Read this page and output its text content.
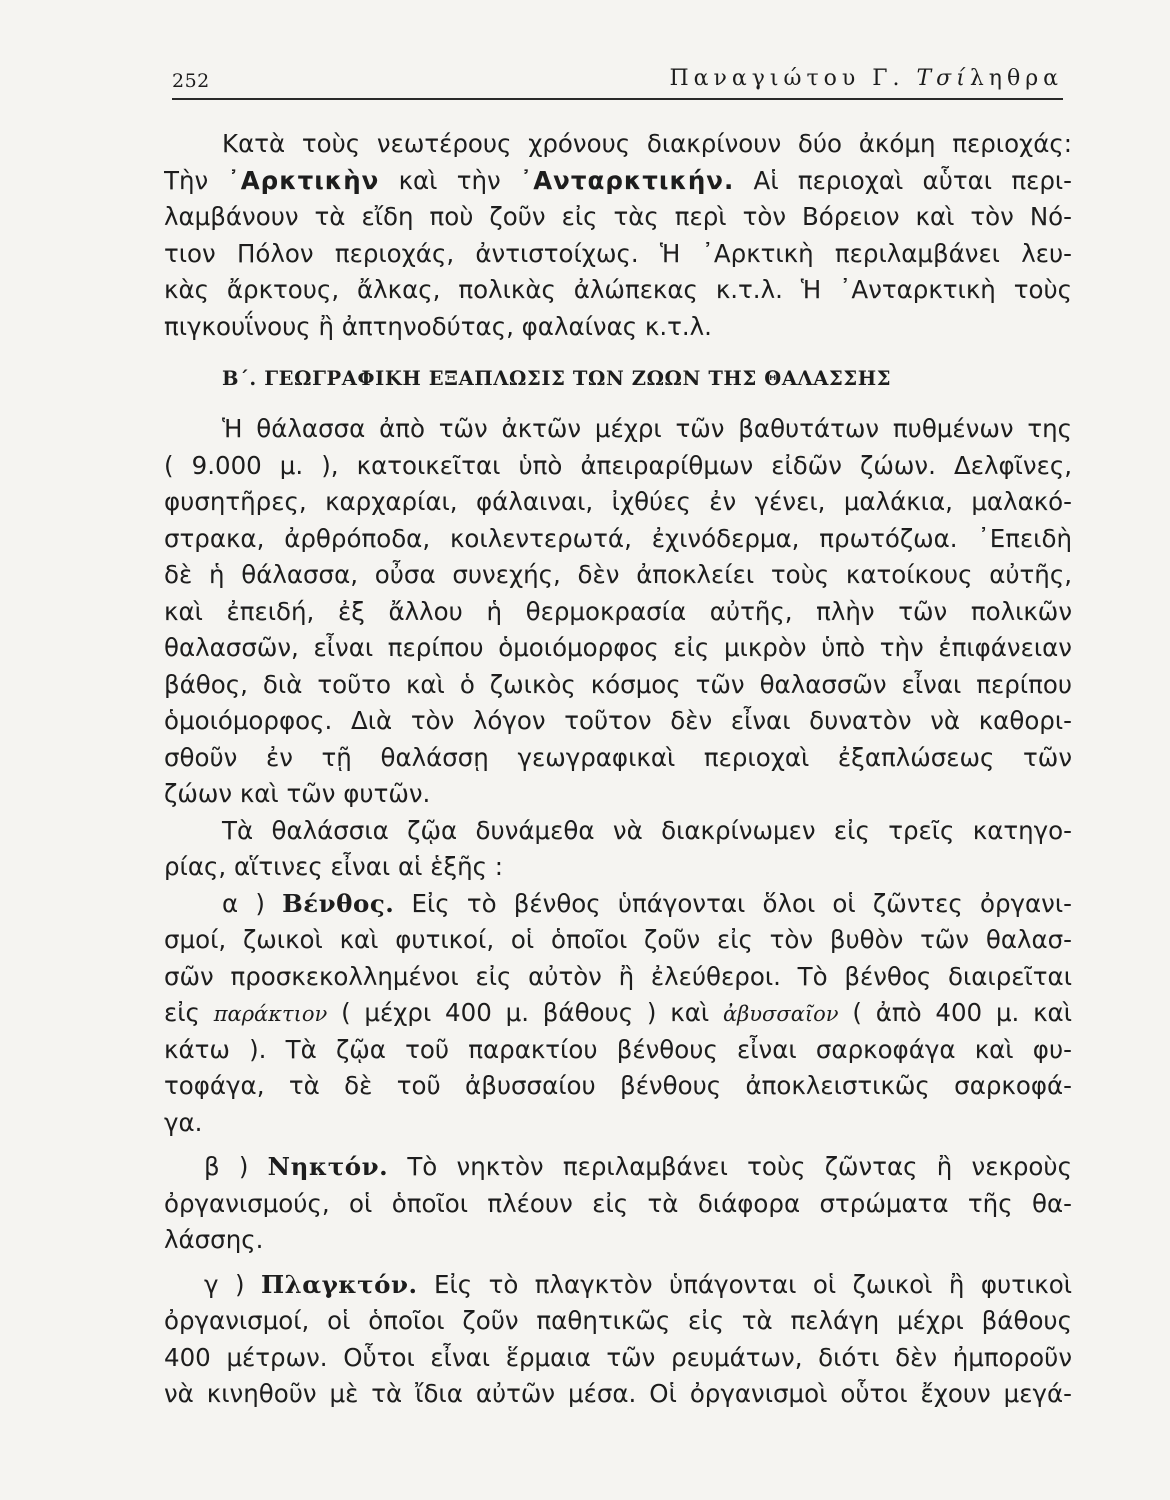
252	Παναγιώτου Γ. Τσίληθρα
Κατὰ τοὺς νεωτέρους χρόνους διακρίνουν δύο ἀκόμη περιοχάς:
Τὴν ᾿Αρκτικὴν καὶ τὴν ᾿Ανταρκτικήν. Αἱ περιοχαὶ αὗται περι-
λαμβάνουν τὰ εἴδη ποὺ ζοῦν εἰς τὰς περὶ τὸν Βόρειον καὶ τὸν Νό-
τιον Πόλον περιοχάς, ἀντιστοίχως. Ἡ ᾿Αρκτικὴ περιλαμβάνει λευ-
κὰς ἄρκτους, ἄλκας, πολικὰς ἀλώπεκας κ.τ.λ. Ἡ ᾿Ανταρκτικὴ τοὺς
πιγκουΐνους ἢ ἀπτηνοδύτας, φαλαίνας κ.τ.λ.
Β΄. ΓΕΩΓΡΑΦΙΚΗ ΕΞΑΠΛΩΣΙΣ ΤΩΝ ΖΩΩΝ ΤΗΣ ΘΑΛΑΣΣΗΣ
Ἡ θάλασσα ἀπὸ τῶν ἀκτῶν μέχρι τῶν βαθυτάτων πυθμένων της
( 9.000 μ. ), κατοικεῖται ὑπὸ ἀπειραρίθμων εἰδῶν ζώων. Δελφῖνες,
φυσητῆρες, καρχαρίαι, φάλαιναι, ἰχθύες ἐν γένει, μαλάκια, μαλακό-
στρακα, ἀρθρόποδα, κοιλεντερωτά, ἐχινόδερμα, πρωτόζωα. ᾿Επειδὴ
δὲ ἡ θάλασσα, οὖσα συνεχής, δὲν ἀποκλείει τοὺς κατοίκους αὐτῆς,
καὶ ἐπειδή, ἐξ ἄλλου ἡ θερμοκρασία αὐτῆς, πλὴν τῶν πολικῶν
θαλασσῶν, εἶναι περίπου ὁμοιόμορφος εἰς μικρὸν ὑπὸ τὴν ἐπιφάνειαν
βάθος, διὰ τοῦτο καὶ ὁ ζωικὸς κόσμος τῶν θαλασσῶν εἶναι περίπου
ὁμοιόμορφος. Διὰ τὸν λόγον τοῦτον δὲν εἶναι δυνατὸν νὰ καθορι-
σθοῦν ἐν τῇ θαλάσσῃ γεωγραφικαὶ περιοχαὶ ἐξαπλώσεως τῶν
ζώων καὶ τῶν φυτῶν.
Τὰ θαλάσσια ζῷα δυνάμεθα νὰ διακρίνωμεν εἰς τρεῖς κατηγο-
ρίας, αἵτινες εἶναι αἱ ἑξῆς :
α ) Βένθος. Εἰς τὸ βένθος ὑπάγονται ὅλοι οἱ ζῶντες ὀργανι-
σμοί, ζωικοὶ καὶ φυτικοί, οἱ ὁποῖοι ζοῦν εἰς τὸν βυθὸν τῶν θαλασ-
σῶν προσκεκολλημένοι εἰς αὐτὸν ἢ ἐλεύθεροι. Τὸ βένθος διαιρεῖται
εἰς παράκτιον ( μέχρι 400 μ. βάθους ) καὶ ἀβυσσαῖον ( ἀπὸ 400 μ. καὶ
κάτω ). Τὰ ζῷα τοῦ παρακτίου βένθους εἶναι σαρκοφάγα καὶ φυ-
τοφάγα, τὰ δὲ τοῦ ἀβυσσαίου βένθους ἀποκλειστικῶς σαρκοφά-
γα.
β ) Νηκτόν. Τὸ νηκτὸν περιλαμβάνει τοὺς ζῶντας ἢ νεκροὺς
ὀργανισμούς, οἱ ὁποῖοι πλέουν εἰς τὰ διάφορα στρώματα τῆς θα-
λάσσης.
γ ) Πλαγκτόν. Εἰς τὸ πλαγκτὸν ὑπάγονται οἱ ζωικοὶ ἢ φυτικοὶ
ὀργανισμοί, οἱ ὁποῖοι ζοῦν παθητικῶς εἰς τὰ πελάγη μέχρι βάθους
400 μέτρων. Οὗτοι εἶναι ἕρμαια τῶν ρευμάτων, διότι δὲν ἠμποροῦν
νὰ κινηθοῦν μὲ τὰ ἴδια αὐτῶν μέσα. Οἱ ὀργανισμοὶ οὗτοι ἔχουν μεγά-
